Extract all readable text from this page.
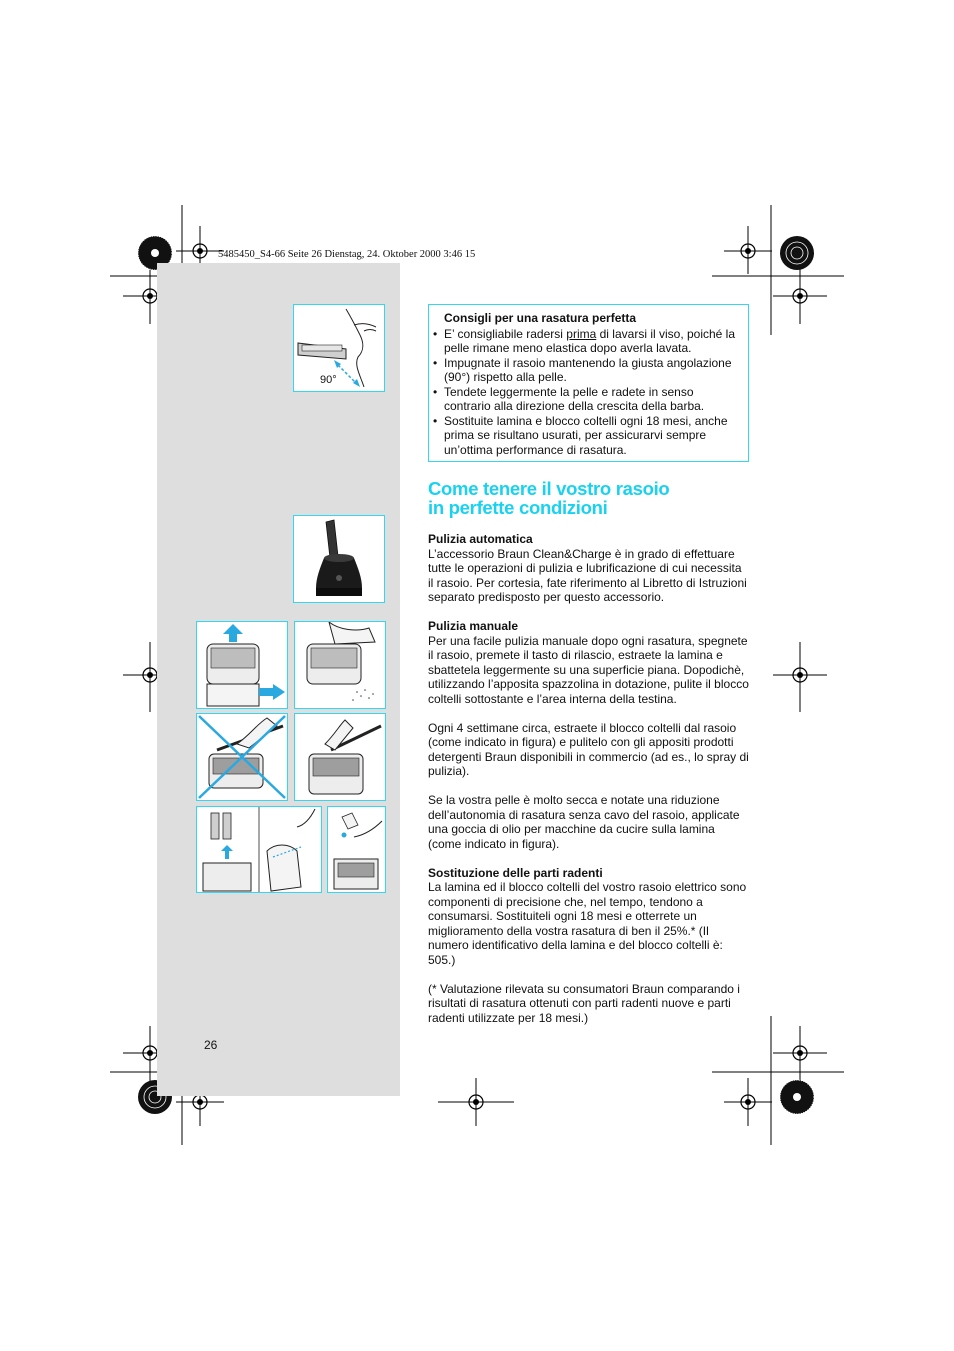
5485450_S4-66 Seite 26 Dienstag, 24. Oktober 2000 3:46 15
90°
Consigli per una rasatura perfetta
• E’ consigliabile radersi prima di lavarsi il viso, poiché la pelle rimane meno elastica dopo averla lavata.
• Impugnate il rasoio mantenendo la giusta angolazione (90°) rispetto alla pelle.
• Tendete leggermente la pelle e radete in senso contrario alla direzione della crescita della barba.
• Sostituite lamina e blocco coltelli ogni 18 mesi, anche prima se risultano usurati, per assicurarvi sempre un’ottima performance di rasatura.
Come tenere il vostro rasoio
in perfette condizioni
Pulizia automatica

L’accessorio Braun Clean&Charge è in grado di effettuare tutte le operazioni di pulizia e lubrificazione di cui necessita il rasoio. Per cortesia, fate riferimento al Libretto di Istruzioni separato predisposto per questo accessorio.

Pulizia manuale

Per una facile pulizia manuale dopo ogni rasatura, spegnete il rasoio, premete il tasto di rilascio, estraete la lamina e sbattetela leggermente su una superficie piana. Dopodichè, utilizzando l’apposita spazzolina in dotazione, pulite il blocco coltelli sottostante e l’area interna della testina.

Ogni 4 settimane circa, estraete il blocco coltelli dal rasoio (come indicato in figura) e pulitelo con gli appositi prodotti detergenti Braun disponibili in commercio (ad es., lo spray di pulizia).

Se la vostra pelle è molto secca e notate una riduzione dell’autonomia di rasatura senza cavo del rasoio, applicate una goccia di olio per macchine da cucire sulla lamina (come indicato in figura).

Sostituzione delle parti radenti

La lamina ed il blocco coltelli del vostro rasoio elettrico sono componenti di precisione che, nel tempo, tendono a consumarsi. Sostituiteli ogni 18 mesi e otterrete un miglioramento della vostra rasatura di ben il 25%.* (Il numero identificativo della lamina e del blocco coltelli è: 505.)

(* Valutazione rilevata su consumatori Braun comparando i risultati di rasatura ottenuti con parti radenti nuove e parti radenti utilizzate per 18 mesi.)

26
